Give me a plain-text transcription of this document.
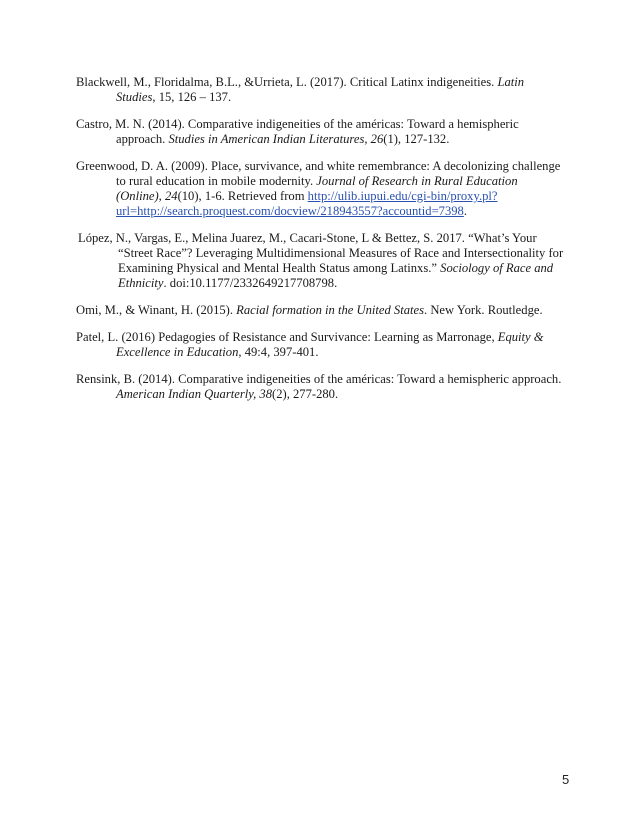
Blackwell, M., Floridalma, B.L., &Urrieta, L. (2017). Critical Latinx indigeneities. Latin Studies, 15, 126 – 137.

Castro, M. N. (2014). Comparative indigeneities of the américas: Toward a hemispheric approach. Studies in American Indian Literatures, 26(1), 127-132.

Greenwood, D. A. (2009). Place, survivance, and white remembrance: A decolonizing challenge to rural education in mobile modernity. Journal of Research in Rural Education (Online), 24(10), 1-6. Retrieved from http://ulib.iupui.edu/cgi-bin/proxy.pl?url=http://search.proquest.com/docview/218943557?accountid=7398.

López, N., Vargas, E., Melina Juarez, M., Cacari-Stone, L & Bettez, S. 2017. “What’s Your “Street Race”? Leveraging Multidimensional Measures of Race and Intersectionality for Examining Physical and Mental Health Status among Latinxs.” Sociology of Race and Ethnicity. doi:10.1177/2332649217708798.

Omi, M., & Winant, H. (2015). Racial formation in the United States. New York. Routledge.

Patel, L. (2016) Pedagogies of Resistance and Survivance: Learning as Marronage, Equity & Excellence in Education, 49:4, 397-401.

Rensink, B. (2014). Comparative indigeneities of the américas: Toward a hemispheric approach. American Indian Quarterly, 38(2), 277-280.

5
